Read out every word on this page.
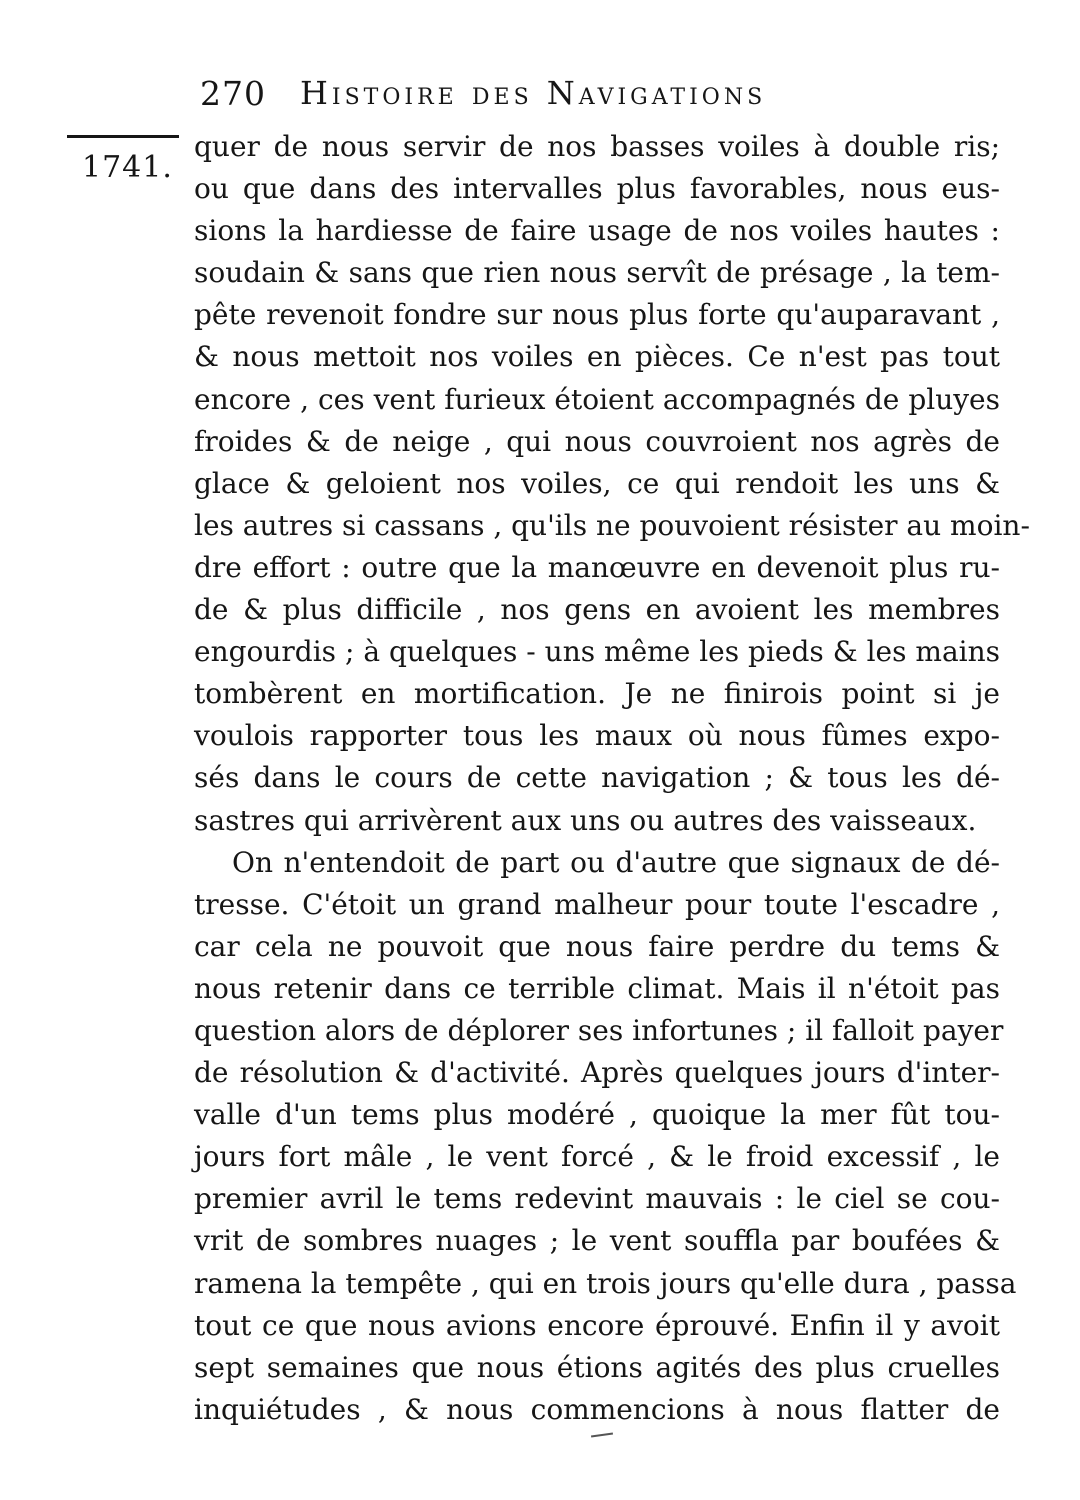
270 Histoire des Navigations
1741.
quer de nous servir de nos basses voiles à double ris;
ou que dans des intervalles plus favorables, nous eus-
sions la hardiesse de faire usage de nos voiles hautes :
soudain & sans que rien nous servît de présage , la tem-
pête revenoit fondre sur nous plus forte qu'auparavant ,
& nous mettoit nos voiles en pièces. Ce n'est pas tout
encore , ces vent furieux étoient accompagnés de pluyes
froides & de neige , qui nous couvroient nos agrès de
glace & geloient nos voiles, ce qui rendoit les uns &
les autres si cassans , qu'ils ne pouvoient résister au moin-
dre effort : outre que la manœuvre en devenoit plus ru-
de & plus difficile , nos gens en avoient les membres
engourdis ; à quelques - uns même les pieds & les mains
tombèrent en mortification. Je ne finirois point si je
voulois rapporter tous les maux où nous fûmes expo-
sés dans le cours de cette navigation ; & tous les dé-
sastres qui arrivèrent aux uns ou autres des vaisseaux.
On n'entendoit de part ou d'autre que signaux de dé-
tresse. C'étoit un grand malheur pour toute l'escadre ,
car cela ne pouvoit que nous faire perdre du tems &
nous retenir dans ce terrible climat. Mais il n'étoit pas
question alors de déplorer ses infortunes ; il falloit payer
de résolution & d'activité. Après quelques jours d'inter-
valle d'un tems plus modéré , quoique la mer fût tou-
jours fort mâle , le vent forcé , & le froid excessif , le
premier avril le tems redevint mauvais : le ciel se cou-
vrit de sombres nuages ; le vent souffla par boufées &
ramena la tempête , qui en trois jours qu'elle dura , passa
tout ce que nous avions encore éprouvé. Enfin il y avoit
sept semaines que nous étions agités des plus cruelles
inquiétudes , & nous commencions à nous flatter de
